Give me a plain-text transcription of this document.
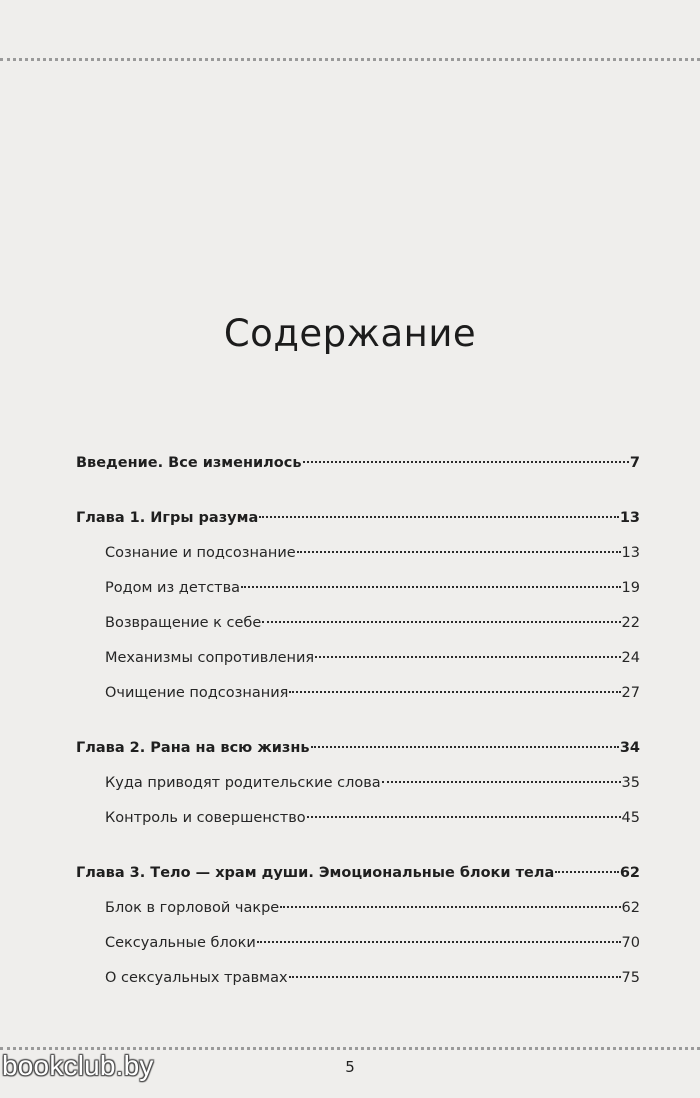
Содержание
Введение. Все изменилось	7
Глава 1. Игры разума	13
Сознание и подсознание	13
Родом из детства	19
Возвращение к себе	22
Механизмы сопротивления	24
Очищение подсознания	27
Глава 2. Рана на всю жизнь	34
Куда приводят родительские слова	35
Контроль и совершенство	45
Глава 3. Тело — храм души. Эмоциональные блоки тела	62
Блок в горловой чакре	62
Сексуальные блоки	70
О сексуальных травмах	75
bookclub.by	5
